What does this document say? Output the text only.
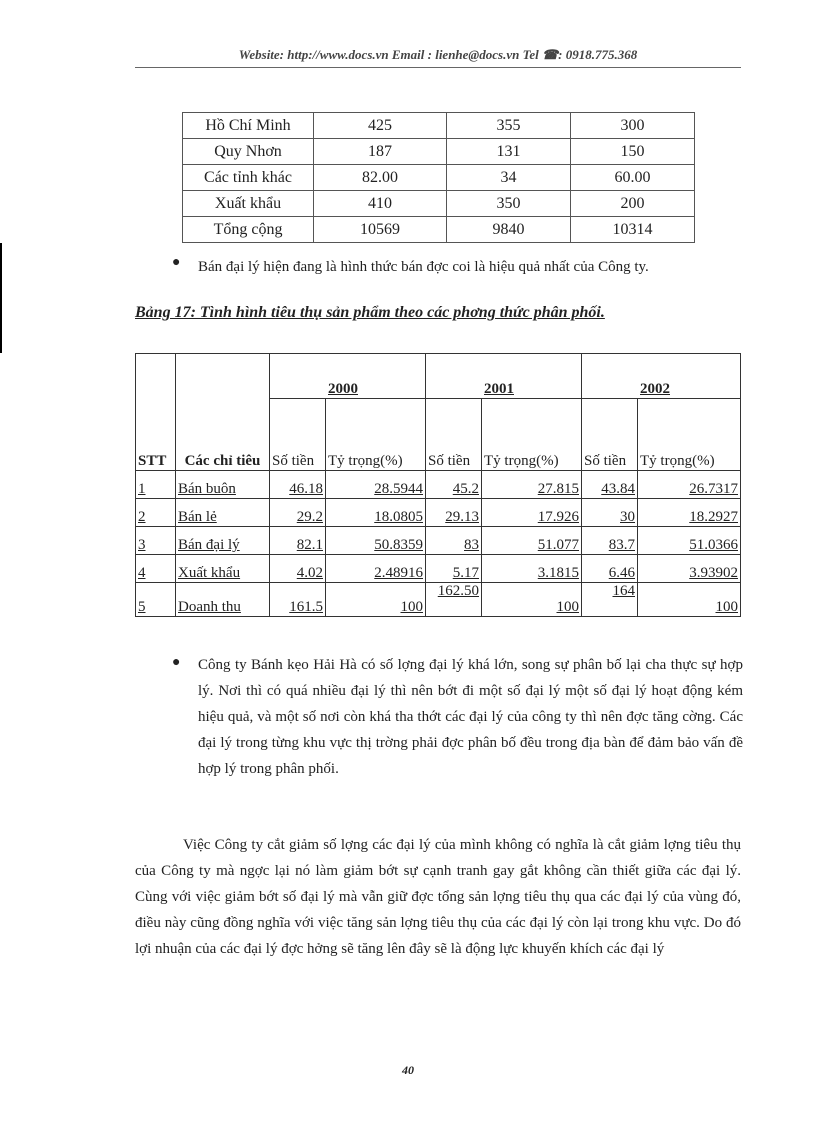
Website: http://www.docs.vn Email : lienhe@docs.vn Tel ☎: 0918.775.368
Hồ Chí Minh	425	355	300
Quy Nhơn	187	131	150
Các tỉnh khác	82.00	34	60.00
Xuất khẩu	410	350	200
Tổng cộng	10569	9840	10314
● Bán đại lý hiện đang là hình thức bán đợc coi là hiệu quả nhất của Công ty.
Bảng 17: Tình hình tiêu thụ sản phẩm theo các phơng thức phân phối.
STT	Các chỉ tiêu	2000		2001		2002	
		Số tiền	Tỷ trọng(%)	Số tiền	Tỷ trọng(%)	Số tiền	Tỷ trọng(%)
1	Bán buôn	46.18	28.5944	45.2	27.815	43.84	26.7317
2	Bán lẻ	29.2	18.0805	29.13	17.926	30	18.2927
3	Bán đại lý	82.1	50.8359	83	51.077	83.7	51.0366
4	Xuất khẩu	4.02	2.48916	5.17	3.1815	6.46	3.93902
5	Doanh thu	161.5	100	162.50	100	164	100
● Công ty Bánh kẹo Hải Hà có số lợng đại lý khá lớn, song sự phân bố lại cha thực sự hợp lý. Nơi thì có quá nhiều đại lý thì nên bớt đi một số đại lý một số đại lý hoạt động kém hiệu quả, và một số nơi còn khá tha thớt các đại lý của công ty thì nên đợc tăng cờng. Các đại lý trong từng khu vực thị trờng phải đợc phân bố đều trong địa bàn để đảm bảo vấn đề hợp lý trong phân phối.
Việc Công ty cắt giảm số lợng các đại lý của mình không có nghĩa là cắt giảm lợng tiêu thụ của Công ty mà ngợc lại nó làm giảm bớt sự cạnh tranh gay gắt không cần thiết giữa các đại lý. Cùng với việc giảm bớt số đại lý mà vẫn giữ đợc tổng sản lợng tiêu thụ qua các đại lý của vùng đó, điều này cũng đồng nghĩa với việc tăng sản lợng tiêu thụ của các đại lý còn lại trong khu vực. Do đó lợi nhuận của các đại lý đợc hởng sẽ tăng lên đây sẽ là động lực khuyến khích các đại lý
40
